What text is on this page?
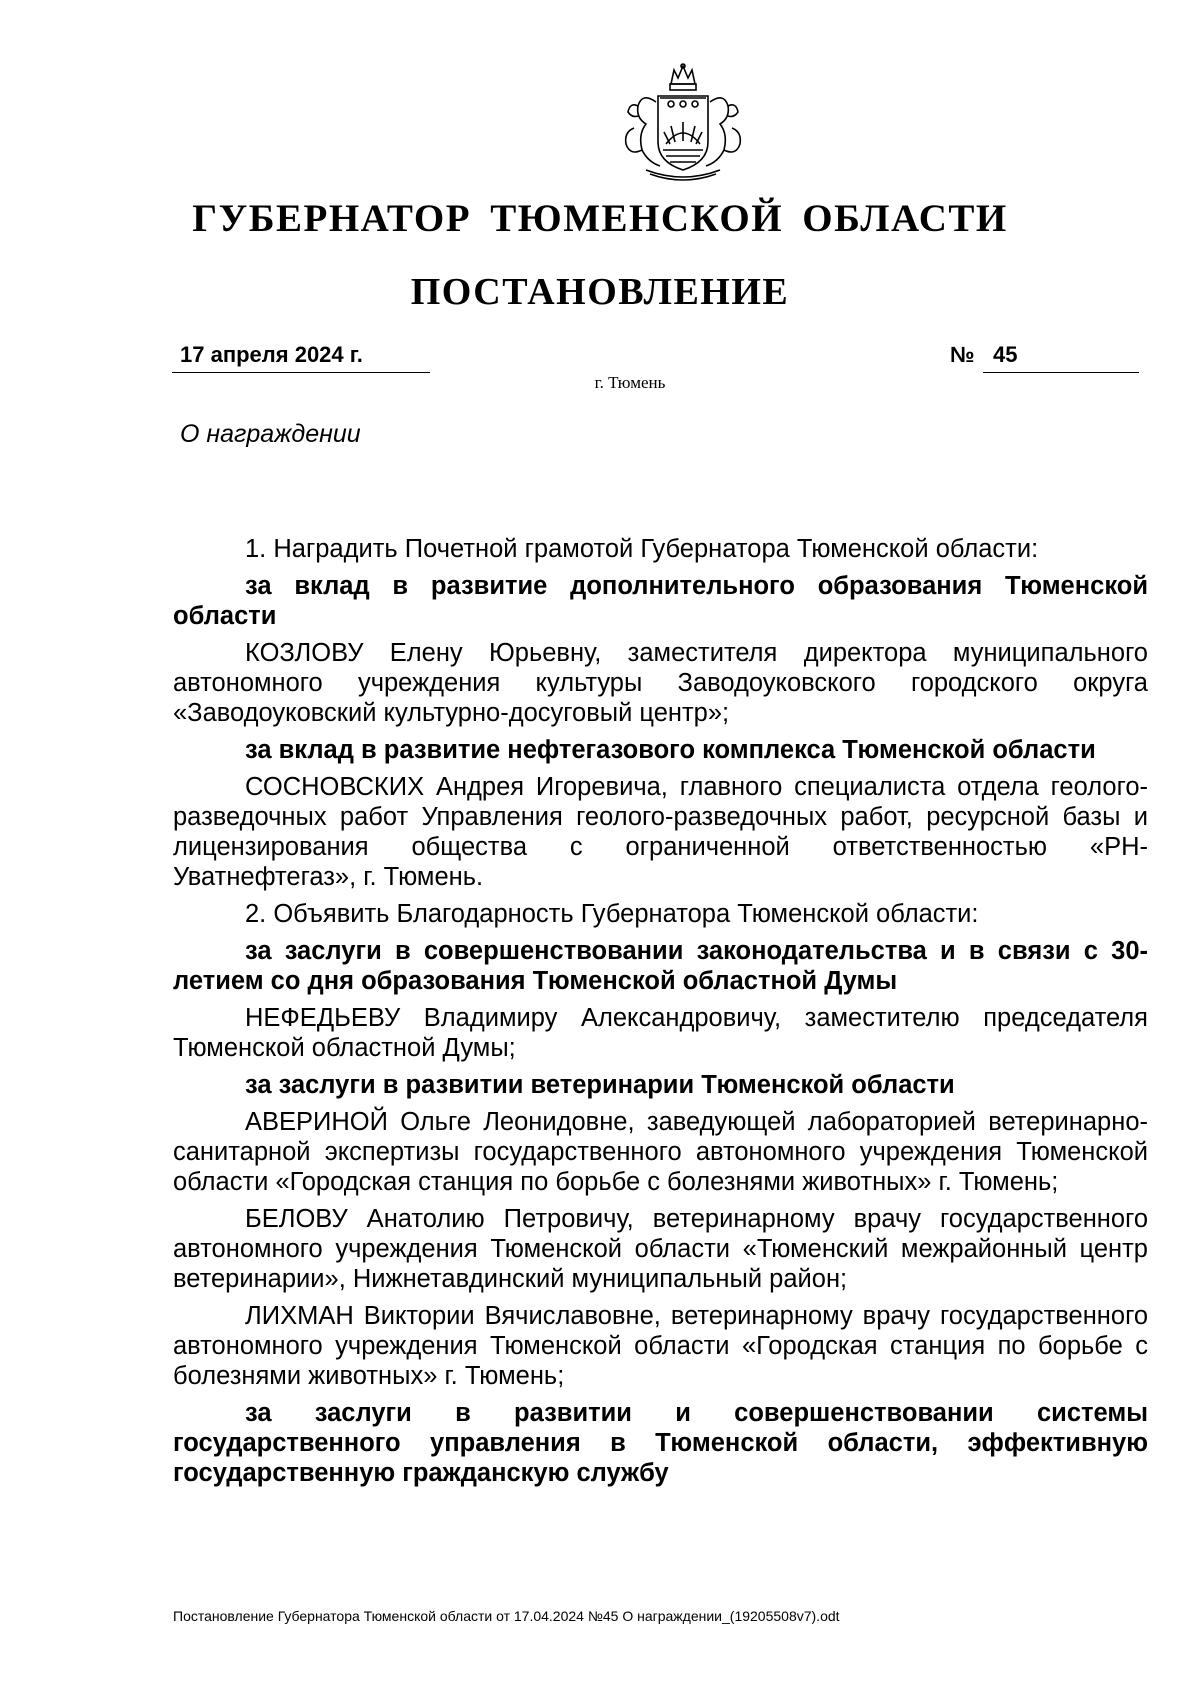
ГУБЕРНАТОР ТЮМЕНСКОЙ ОБЛАСТИ
ПОСТАНОВЛЕНИЕ
17 апреля 2024 г.	№ 45
г. Тюмень
О награждении

1. Наградить Почетной грамотой Губернатора Тюменской области:

за вклад в развитие дополнительного образования Тюменской области

КОЗЛОВУ Елену Юрьевну, заместителя директора муниципального автономного учреждения культуры Заводоуковского городского округа «Заводоуковский культурно-досуговый центр»;

за вклад в развитие нефтегазового комплекса Тюменской области

СОСНОВСКИХ Андрея Игоревича, главного специалиста отдела геолого-разведочных работ Управления геолого-разведочных работ, ресурсной базы и лицензирования общества с ограниченной ответственностью «РН-Уватнефтегаз», г. Тюмень.

2. Объявить Благодарность Губернатора Тюменской области:

за заслуги в совершенствовании законодательства и в связи с 30-летием со дня образования Тюменской областной Думы

НЕФЕДЬЕВУ Владимиру Александровичу, заместителю председателя Тюменской областной Думы;

за заслуги в развитии ветеринарии Тюменской области

АВЕРИНОЙ Ольге Леонидовне, заведующей лабораторией ветеринарно-санитарной экспертизы государственного автономного учреждения Тюменской области «Городская станция по борьбе с болезнями животных» г. Тюмень;

БЕЛОВУ Анатолию Петровичу, ветеринарному врачу государственного автономного учреждения Тюменской области «Тюменский межрайонный центр ветеринарии», Нижнетавдинский муниципальный район;

ЛИХМАН Виктории Вячиславовне, ветеринарному врачу государственного автономного учреждения Тюменской области «Городская станция по борьбе с болезнями животных» г. Тюмень;

за заслуги в развитии и совершенствовании системы государственного управления в Тюменской области, эффективную государственную гражданскую службу

Постановление Губернатора Тюменской области от 17.04.2024 №45 О награждении_(19205508v7).odt
